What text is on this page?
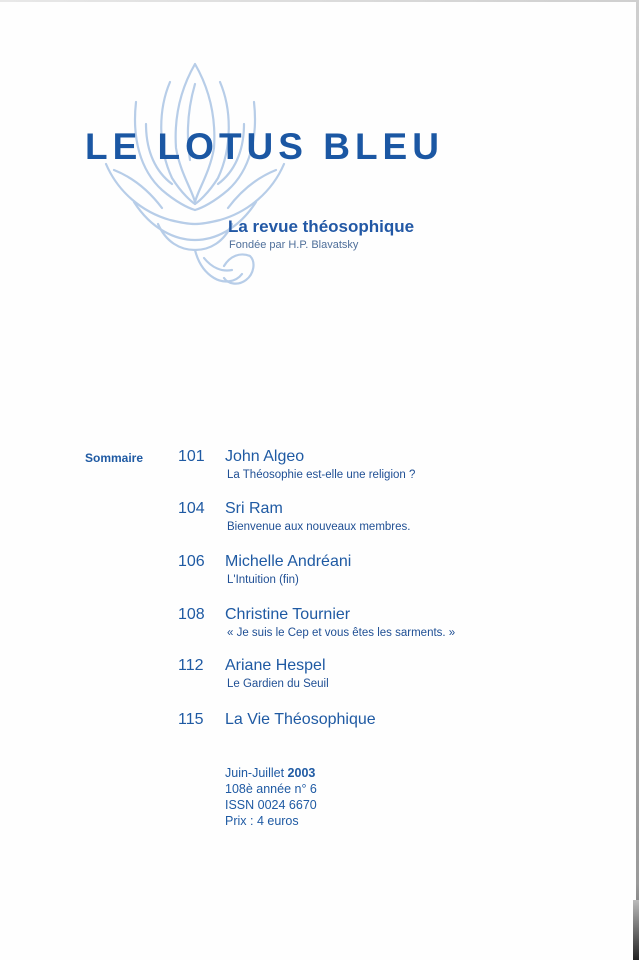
LE LOTUS BLEU
La revue théosophique
Fondée par H.P. Blavatsky
Sommaire 101	John Algeo
La Théosophie est-elle une religion ?
104	Sri Ram
Bienvenue aux nouveaux membres.
106	Michelle Andréani
L'Intuition (fin)
108	Christine Tournier
« Je suis le Cep et vous êtes les sarments. »
112	Ariane Hespel
Le Gardien du Seuil
115	La Vie Théosophique
Juin-Juillet 2003
108è année n° 6
ISSN 0024 6670
Prix : 4 euros
